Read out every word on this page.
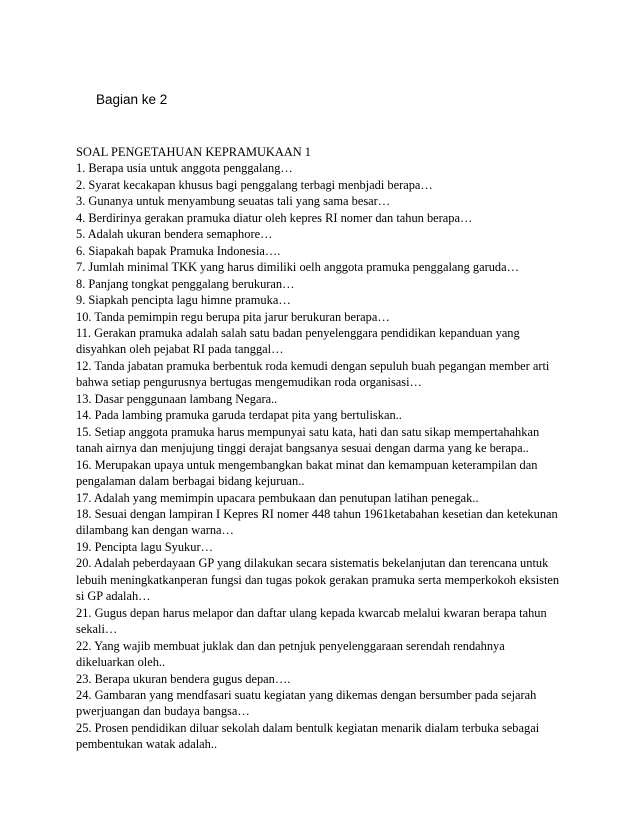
Bagian ke 2

SOAL PENGETAHUAN KEPRAMUKAAN 1

1. Berapa usia untuk anggota penggalang…
2. Syarat kecakapan khusus bagi penggalang terbagi menbjadi berapa…
3. Gunanya untuk menyambung seuatas tali yang sama besar…
4. Berdirinya gerakan pramuka diatur oleh kepres RI nomer dan tahun berapa…
5. Adalah ukuran bendera semaphore…
6. Siapakah bapak Pramuka Indonesia….
7. Jumlah minimal TKK yang harus dimiliki oelh anggota pramuka penggalang garuda…
8. Panjang tongkat penggalang berukuran…
9. Siapkah pencipta lagu himne pramuka…
10. Tanda pemimpin regu berupa pita jarur berukuran berapa…
11. Gerakan pramuka adalah salah satu badan penyelenggara pendidikan kepanduan yang
disyahkan oleh pejabat RI pada tanggal…
12. Tanda jabatan pramuka berbentuk roda kemudi dengan sepuluh buah pegangan member arti
bahwa setiap pengurusnya bertugas mengemudikan roda organisasi…
13. Dasar penggunaan lambang Negara..
14. Pada lambing pramuka garuda terdapat pita yang bertuliskan..
15. Setiap anggota pramuka harus mempunyai satu kata, hati dan satu sikap mempertahahkan
tanah airnya dan menjujung tinggi derajat bangsanya sesuai dengan darma yang ke berapa..
16. Merupakan upaya untuk mengembangkan bakat minat dan kemampuan keterampilan dan
pengalaman dalam berbagai bidang kejuruan..
17. Adalah yang memimpin upacara pembukaan dan penutupan latihan penegak..
18. Sesuai dengan lampiran I Kepres RI nomer 448 tahun 1961ketabahan kesetian dan ketekunan
dilambang kan dengan warna…
19. Pencipta lagu Syukur…
20. Adalah peberdayaan GP yang dilakukan secara sistematis bekelanjutan dan terencana untuk
lebuih meningkatkanperan fungsi dan tugas pokok gerakan pramuka serta memperkokoh eksisten
si GP adalah…
21. Gugus depan harus melapor dan daftar ulang kepada kwarcab melalui kwaran berapa tahun
sekali…
22. Yang wajib membuat juklak dan dan petnjuk penyelenggaraan serendah rendahnya
dikeluarkan oleh..
23. Berapa ukuran bendera gugus depan….
24. Gambaran yang mendfasari suatu kegiatan yang dikemas dengan bersumber pada sejarah
pwerjuangan dan budaya bangsa…
25. Prosen pendidikan diluar sekolah dalam bentulk kegiatan menarik dialam terbuka sebagai
pembentukan watak adalah..
